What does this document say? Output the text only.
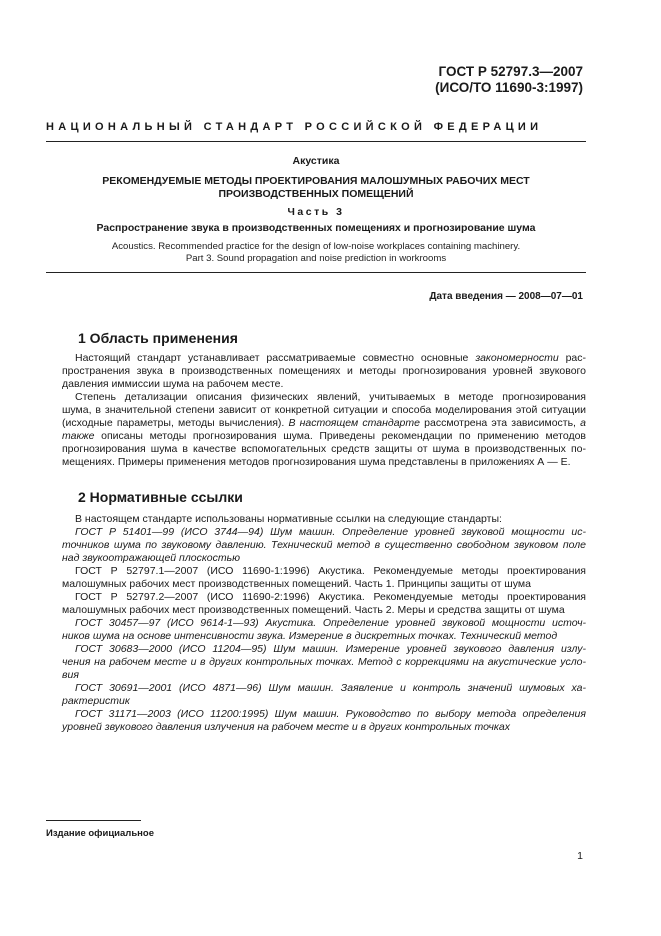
ГОСТ Р 52797.3—2007
(ИСО/ТО 11690-3:1997)
НАЦИОНАЛЬНЫЙ СТАНДАРТ РОССИЙСКОЙ ФЕДЕРАЦИИ
Акустика
РЕКОМЕНДУЕМЫЕ МЕТОДЫ ПРОЕКТИРОВАНИЯ МАЛОШУМНЫХ РАБОЧИХ МЕСТ
ПРОИЗВОДСТВЕННЫХ ПОМЕЩЕНИЙ
Часть 3
Распространение звука в производственных помещениях и прогнозирование шума
Acoustics. Recommended practice for the design of low-noise workplaces containing machinery.
Part 3. Sound propagation and noise prediction in workrooms
Дата введения — 2008—07—01
1 Область применения
Настоящий стандарт устанавливает рассматриваемые совместно основные закономерности рас-
пространения звука в производственных помещениях и методы прогнозирования уровней звукового
давления иммиссии шума на рабочем месте.
Степень детализации описания физических явлений, учитываемых в методе прогнозирования
шума, в значительной степени зависит от конкретной ситуации и способа моделирования этой ситуации
(исходные параметры, методы вычисления). В настоящем стандарте рассмотрена эта зависимость, а
также описаны методы прогнозирования шума. Приведены рекомендации по применению методов
прогнозирования шума в качестве вспомогательных средств защиты от шума в производственных по-
мещениях. Примеры применения методов прогнозирования шума представлены в приложениях А — Е.
2 Нормативные ссылки
В настоящем стандарте использованы нормативные ссылки на следующие стандарты:
ГОСТ Р 51401—99 (ИСО 3744—94) Шум машин. Определение уровней звуковой мощности ис-
точников шума по звуковому давлению. Технический метод в существенно свободном звуковом поле
над звукоотражающей плоскостью
ГОСТ Р 52797.1—2007 (ИСО 11690-1:1996) Акустика. Рекомендуемые методы проектирования
малошумных рабочих мест производственных помещений. Часть 1. Принципы защиты от шума
ГОСТ Р 52797.2—2007 (ИСО 11690-2:1996) Акустика. Рекомендуемые методы проектирования
малошумных рабочих мест производственных помещений. Часть 2. Меры и средства защиты от шума
ГОСТ 30457—97 (ИСО 9614-1—93) Акустика. Определение уровней звуковой мощности источ-
ников шума на основе интенсивности звука. Измерение в дискретных точках. Технический метод
ГОСТ 30683—2000 (ИСО 11204—95) Шум машин. Измерение уровней звукового давления излу-
чения на рабочем месте и в других контрольных точках. Метод с коррекциями на акустические усло-
вия
ГОСТ 30691—2001 (ИСО 4871—96) Шум машин. Заявление и контроль значений шумовых ха-
рактеристик
ГОСТ 31171—2003 (ИСО 11200:1995) Шум машин. Руководство по выбору метода определения
уровней звукового давления излучения на рабочем месте и в других контрольных точках
Издание официальное
1
